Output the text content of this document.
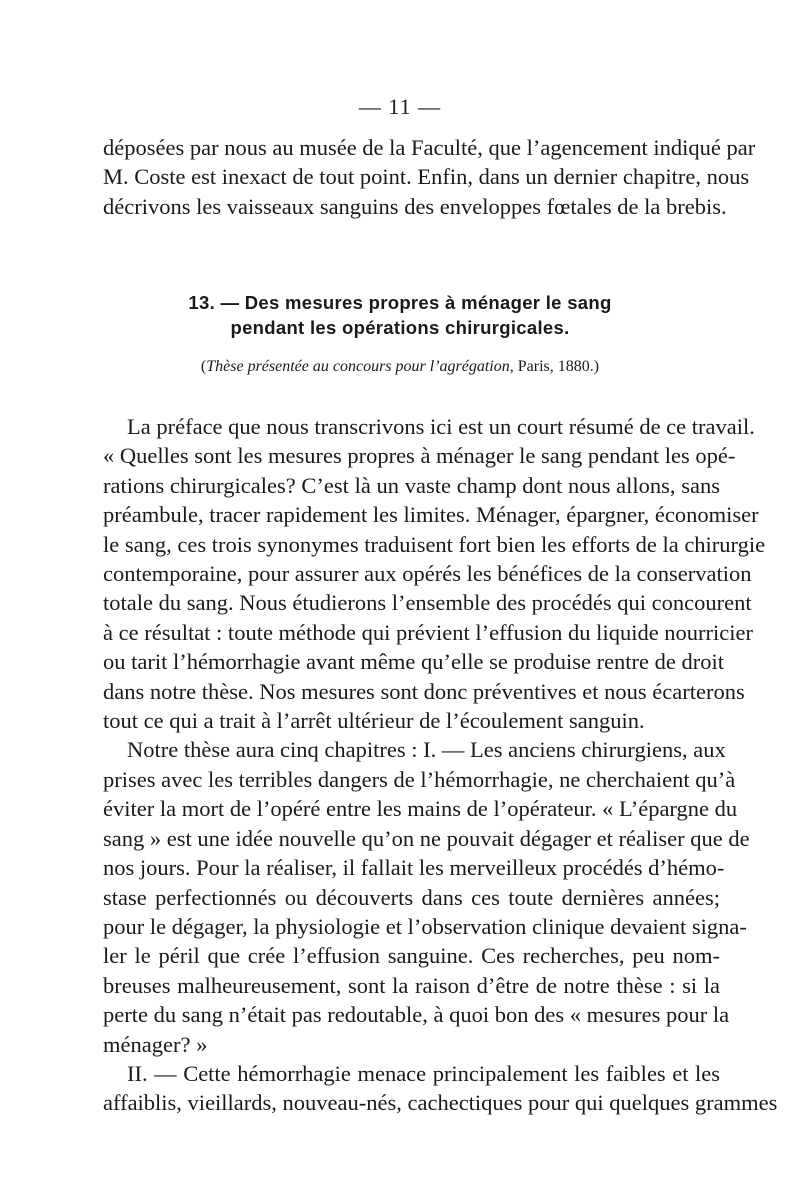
— 11 —
déposées par nous au musée de la Faculté, que l’agencement indiqué par
M. Coste est inexact de tout point. Enfin, dans un dernier chapitre, nous
décrivons les vaisseaux sanguins des enveloppes fœtales de la brebis.
13. — Des mesures propres à ménager le sang
pendant les opérations chirurgicales.
(Thèse présentée au concours pour l’agrégation, Paris, 1880.)
La préface que nous transcrivons ici est un court résumé de ce travail.
« Quelles sont les mesures propres à ménager le sang pendant les opé-
rations chirurgicales? C’est là un vaste champ dont nous allons, sans
préambule, tracer rapidement les limites. Ménager, épargner, économiser
le sang, ces trois synonymes traduisent fort bien les efforts de la chirurgie
contemporaine, pour assurer aux opérés les bénéfices de la conservation
totale du sang. Nous étudierons l’ensemble des procédés qui concourent
à ce résultat : toute méthode qui prévient l’effusion du liquide nourricier
ou tarit l’hémorrhagie avant même qu’elle se produise rentre de droit
dans notre thèse. Nos mesures sont donc préventives et nous écarterons
tout ce qui a trait à l’arrêt ultérieur de l’écoulement sanguin.
Notre thèse aura cinq chapitres : I. — Les anciens chirurgiens, aux
prises avec les terribles dangers de l’hémorrhagie, ne cherchaient qu’à
éviter la mort de l’opéré entre les mains de l’opérateur. « L’épargne du
sang » est une idée nouvelle qu’on ne pouvait dégager et réaliser que de
nos jours. Pour la réaliser, il fallait les merveilleux procédés d’hémo-
stase perfectionnés ou découverts dans ces toute dernières années;
pour le dégager, la physiologie et l’observation clinique devaient signa-
ler le péril que crée l’effusion sanguine. Ces recherches, peu nom-
breuses malheureusement, sont la raison d’être de notre thèse : si la
perte du sang n’était pas redoutable, à quoi bon des « mesures pour la
ménager? »
II. — Cette hémorrhagie menace principalement les faibles et les
affaiblis, vieillards, nouveau-nés, cachectiques pour qui quelques grammes
